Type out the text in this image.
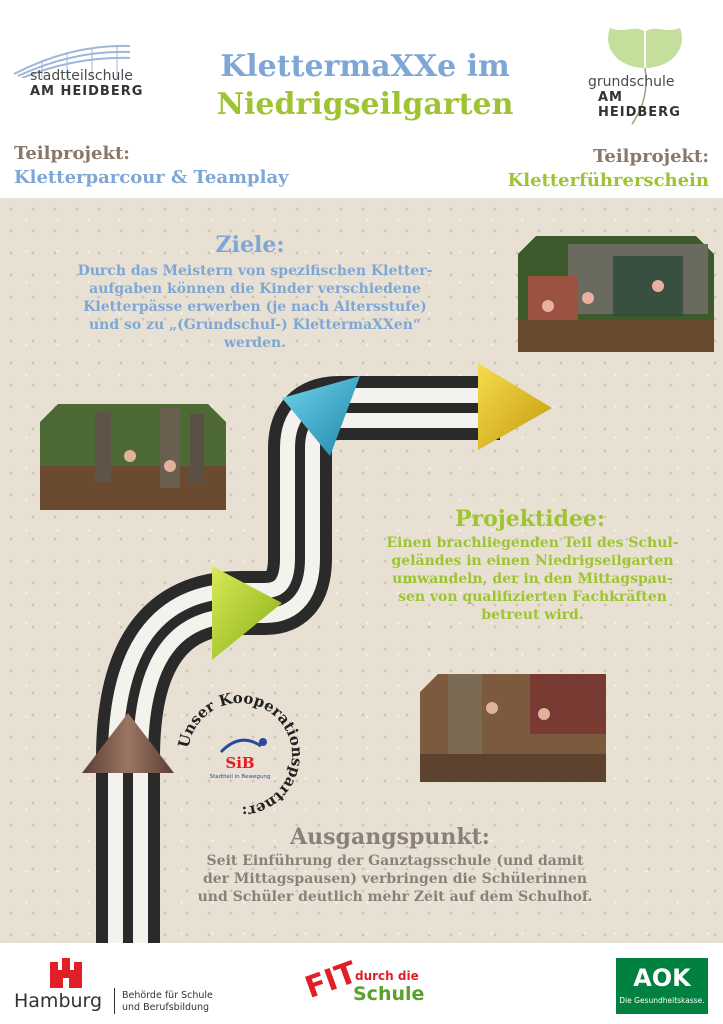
stadtteilschule
AM HEIDBERG
KlettermaXXe im
Niedrigseilgarten
grundschule
AM HEIDBERG
Teilprojekt:
Kletterparcour & Teamplay
Teilprojekt:
Kletterführerschein
Ziele:
Durch das Meistern von spezifischen Kletter-
aufgaben können die Kinder verschiedene
Kletterpässe erwerben (je nach Altersstufe)
und so zu „(Grundschul-) KlettermaXXen“
werden.
Projektidee:
Einen brachliegenden Teil des Schul-
geländes in einen Niedrigseilgarten
umwandeln, der in den Mittagspau-
sen von qualifizierten Fachkräften
betreut wird.
Unser Kooperationspartner:
SiB
Stadtteil in Bewegung
Ausgangspunkt:
Seit Einführung der Ganztagsschule (und damit
der Mittagspausen) verbringen die Schülerinnen
und Schüler deutlich mehr Zeit auf dem Schulhof.
Hamburg Behörde für Schule
und Berufsbildung
FIT
durch die
Schule
AOK
Die Gesundheitskasse.
